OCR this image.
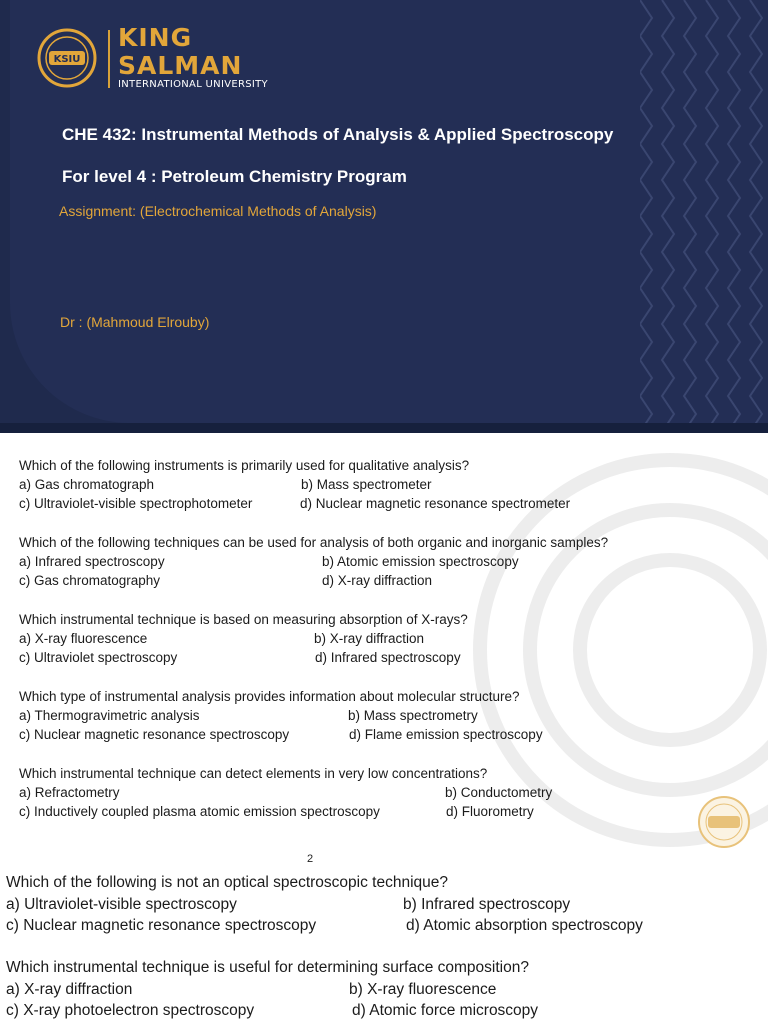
KSIU
KING
SALMAN
INTERNATIONAL UNIVERSITY
CHE 432: Instrumental Methods of Analysis & Applied Spectroscopy
For level 4 : Petroleum Chemistry Program
Assignment: (Electrochemical Methods of Analysis)
Dr : (Mahmoud Elrouby)
Which of the following instruments is primarily used for qualitative analysis?
a) Gas chromatograph	b) Mass spectrometer
c) Ultraviolet-visible spectrophotometer	d) Nuclear magnetic resonance spectrometer
Which of the following techniques can be used for analysis of both organic and inorganic samples?
a) Infrared spectroscopy	b) Atomic emission spectroscopy
c) Gas chromatography	d) X-ray diffraction
Which instrumental technique is based on measuring absorption of X-rays?
a) X-ray fluorescence	b) X-ray diffraction
c) Ultraviolet spectroscopy	d) Infrared spectroscopy
Which type of instrumental analysis provides information about molecular structure?
a) Thermogravimetric analysis	b) Mass spectrometry
c) Nuclear magnetic resonance spectroscopy	d) Flame emission spectroscopy
Which instrumental technique can detect elements in very low concentrations?
a) Refractometry	b) Conductometry
c) Inductively coupled plasma atomic emission spectroscopy	d) Fluorometry
2
Which of the following is not an optical spectroscopic technique?
a) Ultraviolet-visible spectroscopy	b) Infrared spectroscopy
c) Nuclear magnetic resonance spectroscopy	d) Atomic absorption spectroscopy
Which instrumental technique is useful for determining surface composition?
a) X-ray diffraction	b) X-ray fluorescence
c) X-ray photoelectron spectroscopy	d) Atomic force microscopy
